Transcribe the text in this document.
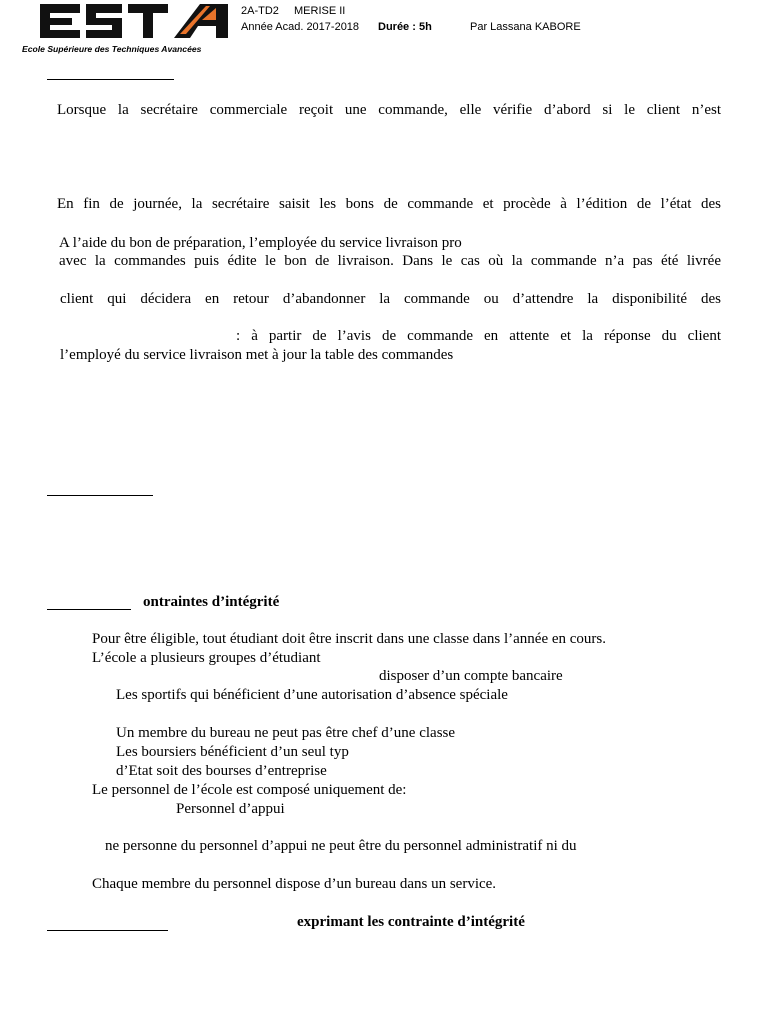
Ecole Supérieure des Techniques Avancées
2A-TD2 MERISE II
Année Acad. 2017-2018 Durée : 5h	Par Lassana KABORE
Lorsque la secrétaire commerciale reçoit une commande, elle vérifie d’abord si le client n’est
En fin de journée, la secrétaire saisit les bons de commande et procède à l’édition de l’état des
A l’aide du bon de préparation, l’employée du service livraison pro
avec la commandes puis édite le bon de livraison. Dans le cas où la commande n’a pas été livrée
client qui décidera en retour d’abandonner la commande ou d’attendre la disponibilité des
: à partir de l’avis de commande en attente et la réponse du client
l’employé du service livraison met à jour la table des commandes
ontraintes d’intégrité
Pour être éligible, tout étudiant doit être inscrit dans une classe dans l’année en cours.
L’école a plusieurs groupes d’étudiant
disposer d’un compte bancaire
Les sportifs qui bénéficient d’une autorisation d’absence spéciale
Un membre du bureau ne peut pas être chef d’une classe
Les boursiers bénéficient d’un seul typ
d’Etat soit des bourses d’entreprise
Le personnel de l’école est composé uniquement de:
Personnel d’appui
ne personne du personnel d’appui ne peut être du personnel administratif ni du
Chaque membre du personnel dispose d’un bureau dans un service.
exprimant les contrainte d’intégrité
